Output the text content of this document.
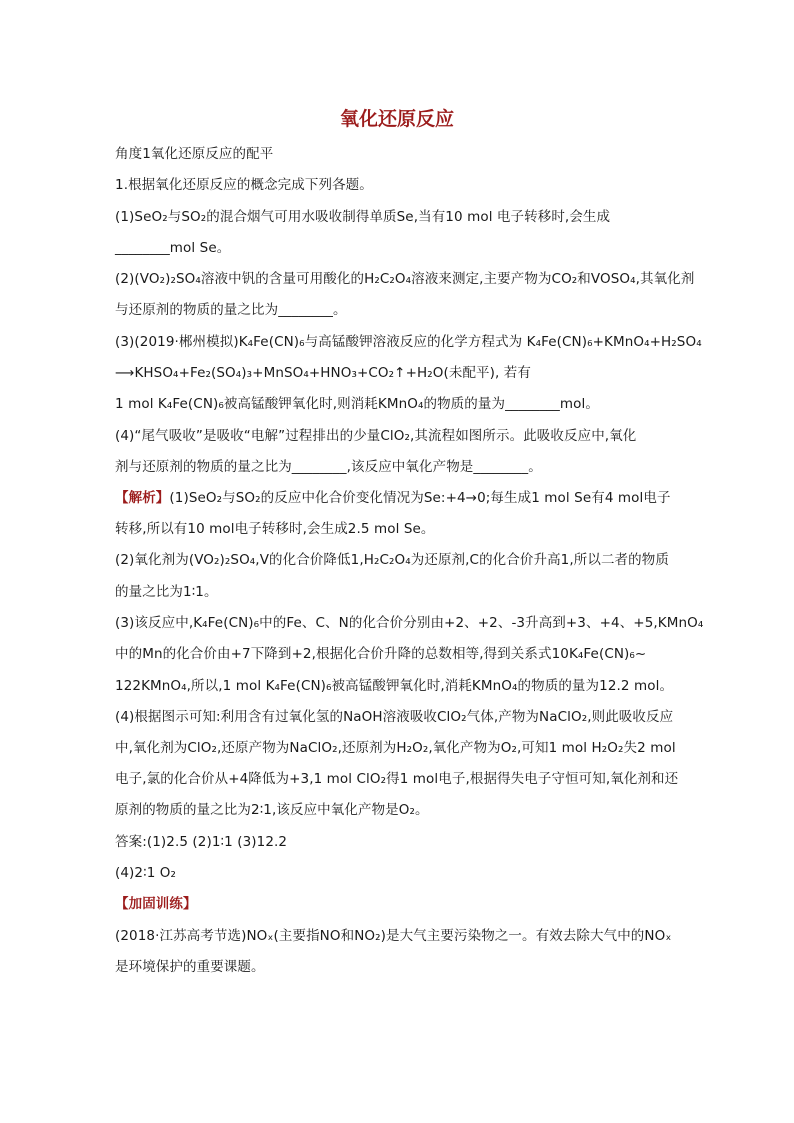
氧化还原反应
角度1氧化还原反应的配平
1.根据氧化还原反应的概念完成下列各题。
(1)SeO₂与SO₂的混合烟气可用水吸收制得单质Se,当有10 mol 电子转移时,会生成
________mol Se。
(2)(VO₂)₂SO₄溶液中钒的含量可用酸化的H₂C₂O₄溶液来测定,主要产物为CO₂和VOSO₄,其氧化剂
与还原剂的物质的量之比为________。
(3)(2019·郴州模拟)K₄Fe(CN)₆与高锰酸钾溶液反应的化学方程式为 K₄Fe(CN)₆+KMnO₄+H₂SO₄
⟶KHSO₄+Fe₂(SO₄)₃+MnSO₄+HNO₃+CO₂↑+H₂O(未配平), 若有
1 mol K₄Fe(CN)₆被高锰酸钾氧化时,则消耗KMnO₄的物质的量为________mol。
(4)“尾气吸收”是吸收“电解”过程排出的少量ClO₂,其流程如图所示。此吸收反应中,氧化
剂与还原剂的物质的量之比为________,该反应中氧化产物是________。
【解析】(1)SeO₂与SO₂的反应中化合价变化情况为Se:+4→0;每生成1 mol Se有4 mol电子
转移,所以有10 mol电子转移时,会生成2.5 mol Se。
(2)氧化剂为(VO₂)₂SO₄,V的化合价降低1,H₂C₂O₄为还原剂,C的化合价升高1,所以二者的物质
的量之比为1∶1。
(3)该反应中,K₄Fe(CN)₆中的Fe、C、N的化合价分别由+2、+2、-3升高到+3、+4、+5,KMnO₄
中的Mn的化合价由+7下降到+2,根据化合价升降的总数相等,得到关系式10K₄Fe(CN)₆~
122KMnO₄,所以,1 mol K₄Fe(CN)₆被高锰酸钾氧化时,消耗KMnO₄的物质的量为12.2 mol。
(4)根据图示可知:利用含有过氧化氢的NaOH溶液吸收ClO₂气体,产物为NaClO₂,则此吸收反应
中,氧化剂为ClO₂,还原产物为NaClO₂,还原剂为H₂O₂,氧化产物为O₂,可知1 mol H₂O₂失2 mol
电子,氯的化合价从+4降低为+3,1 mol ClO₂得1 mol电子,根据得失电子守恒可知,氧化剂和还
原剂的物质的量之比为2∶1,该反应中氧化产物是O₂。
答案:(1)2.5 (2)1∶1 (3)12.2
(4)2∶1 O₂
【加固训练】
(2018·江苏高考节选)NOₓ(主要指NO和NO₂)是大气主要污染物之一。有效去除大气中的NOₓ
是环境保护的重要课题。
